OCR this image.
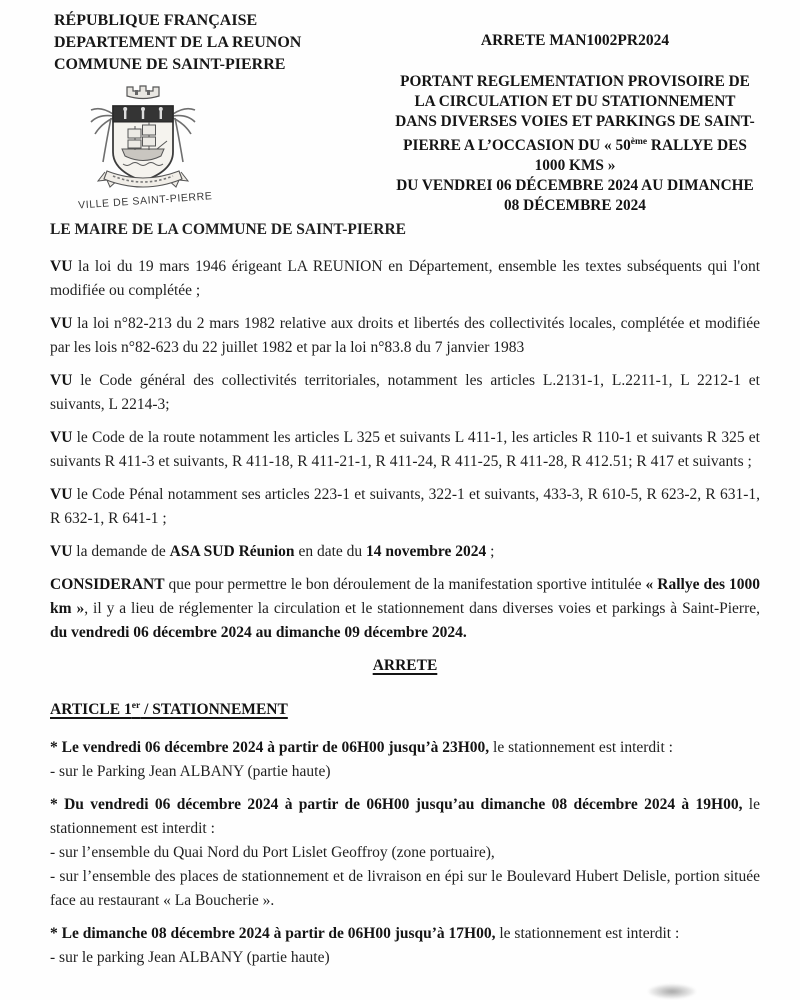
RÉPUBLIQUE FRANÇAISE
DEPARTEMENT DE LA REUNON
COMMUNE DE SAINT-PIERRE
VILLE DE SAINT-PIERRE
ARRETE MAN1002PR2024
PORTANT REGLEMENTATION PROVISOIRE DE
LA CIRCULATION ET DU STATIONNEMENT
DANS DIVERSES VOIES ET PARKINGS DE SAINT-
PIERRE A L’OCCASION DU « 50ème RALLYE DES
1000 KMS »
DU VENDREI 06 DÉCEMBRE 2024 AU DIMANCHE
08 DÉCEMBRE 2024
LE MAIRE DE LA COMMUNE DE SAINT-PIERRE
VU la loi du 19 mars 1946 érigeant LA REUNION en Département, ensemble les textes subséquents qui l'ont modifiée ou complétée ;
VU la loi n°82-213 du 2 mars 1982 relative aux droits et libertés des collectivités locales, complétée et modifiée par les lois n°82-623 du 22 juillet 1982 et par la loi n°83.8 du 7 janvier 1983
VU le Code général des collectivités territoriales, notamment les articles L.2131-1, L.2211-1, L 2212-1 et suivants, L 2214-3;
VU le Code de la route notamment les articles L 325 et suivants L 411-1, les articles R 110-1 et suivants R 325 et suivants R 411-3 et suivants, R 411-18, R 411-21-1, R 411-24, R 411-25, R 411-28, R 412.51; R 417 et suivants ;
VU le Code Pénal notamment ses articles 223-1 et suivants, 322-1 et suivants, 433-3, R 610-5, R 623-2, R 631-1, R 632-1, R 641-1 ;
VU la demande de ASA SUD Réunion en date du 14 novembre 2024 ;
CONSIDERANT que pour permettre le bon déroulement de la manifestation sportive intitulée « Rallye des 1000 km », il y a lieu de réglementer la circulation et le stationnement dans diverses voies et parkings à Saint-Pierre, du vendredi 06 décembre 2024 au dimanche 09 décembre 2024.
ARRETE
ARTICLE 1er / STATIONNEMENT
* Le vendredi 06 décembre 2024 à partir de 06H00 jusqu’à 23H00, le stationnement est interdit :
- sur le Parking Jean ALBANY (partie haute)
* Du vendredi 06 décembre 2024 à partir de 06H00 jusqu’au dimanche 08 décembre 2024 à 19H00, le stationnement est interdit :
- sur l’ensemble du Quai Nord du Port Lislet Geoffroy (zone portuaire),
- sur l’ensemble des places de stationnement et de livraison en épi sur le Boulevard Hubert Delisle, portion située face au restaurant « La Boucherie ».
* Le dimanche 08 décembre 2024 à partir de 06H00 jusqu’à 17H00, le stationnement est interdit :
- sur le parking Jean ALBANY (partie haute)
